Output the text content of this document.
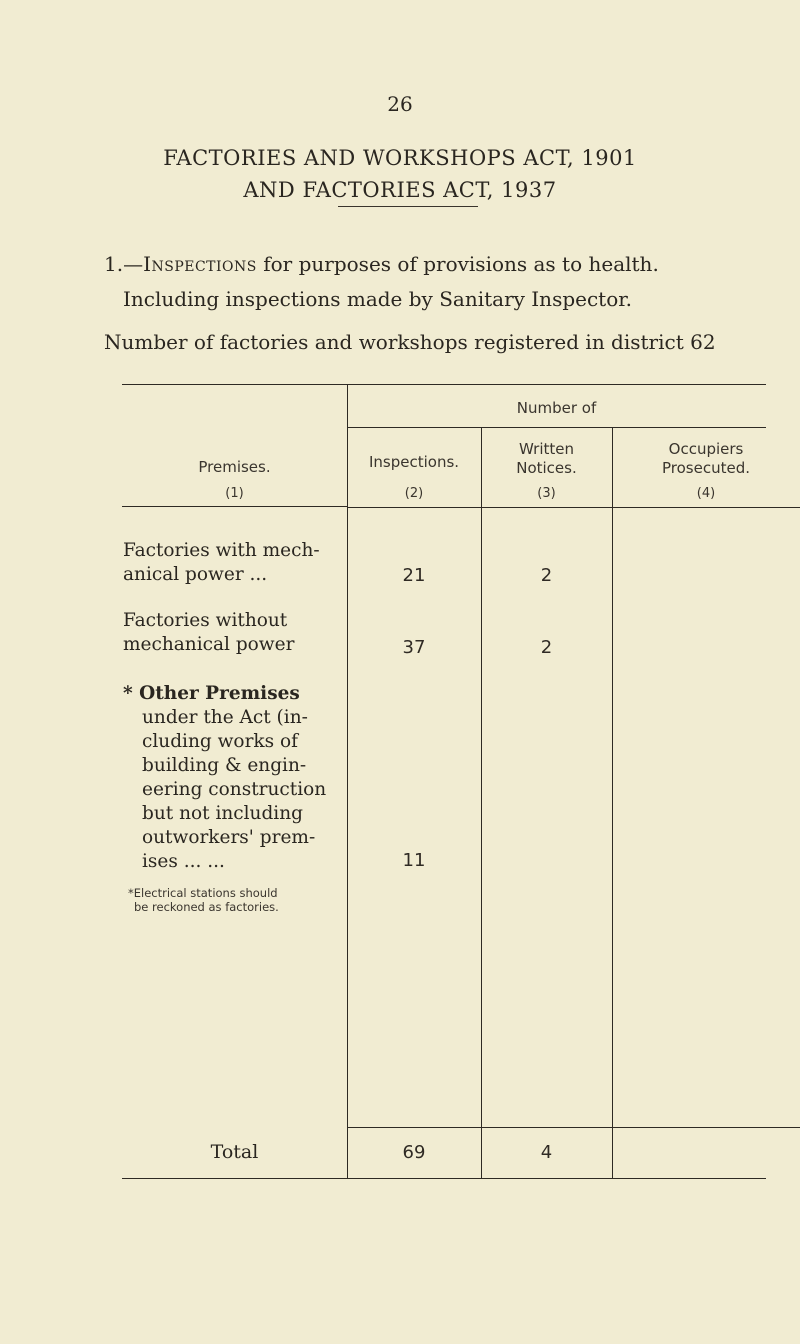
26
FACTORIES AND WORKSHOPS ACT, 1901
AND FACTORIES ACT, 1937
1.—Inspections for purposes of provisions as to health.
Including inspections made by Sanitary Inspector.
Number of factories and workshops registered in district 62
Number of
Premises.
(1)
Inspections.
(2)
Written
Notices.
(3)
Occupiers
Prosecuted.
(4)
Factories with mech-
anical power ...	21	2
Factories without
mechanical power	37	2
* Other Premises
under the Act (in-
cluding works of
building & engin-
eering construction
but not including
outworkers' prem-
ises ... ...	11
*Electrical stations should
be reckoned as factories.
Total	69	4
